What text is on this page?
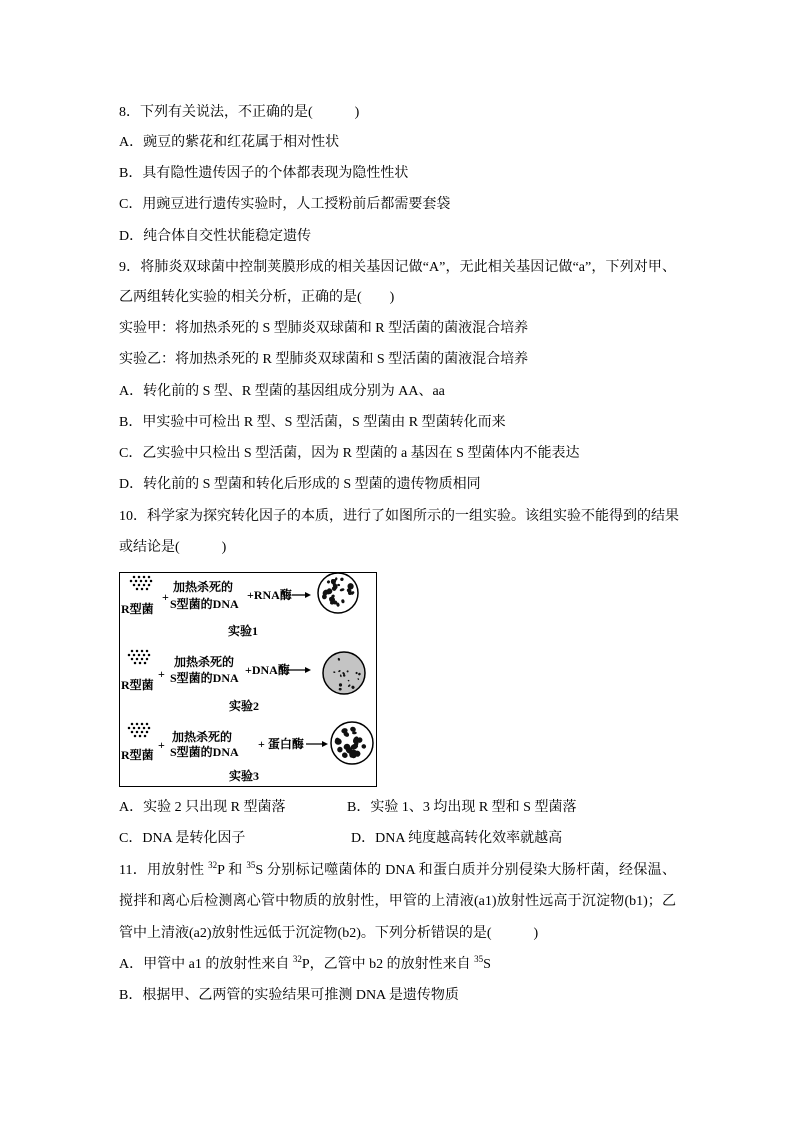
8．下列有关说法，不正确的是(　　　)
A．豌豆的紫花和红花属于相对性状
B．具有隐性遗传因子的个体都表现为隐性性状
C．用豌豆进行遗传实验时，人工授粉前后都需要套袋
D．纯合体自交性状能稳定遗传
9．将肺炎双球菌中控制荚膜形成的相关基因记做“A”，无此相关基因记做“a”，下列对甲、
乙两组转化实验的相关分析，正确的是(　　)
实验甲：将加热杀死的 S 型肺炎双球菌和 R 型活菌的菌液混合培养
实验乙：将加热杀死的 R 型肺炎双球菌和 S 型活菌的菌液混合培养
A．转化前的 S 型、R 型菌的基因组成分别为 AA、aa
B．甲实验中可检出 R 型、S 型活菌，S 型菌由 R 型菌转化而来
C．乙实验中只检出 S 型活菌，因为 R 型菌的 a 基因在 S 型菌体内不能表达
D．转化前的 S 型菌和转化后形成的 S 型菌的遗传物质相同
10．科学家为探究转化因子的本质，进行了如图所示的一组实验。该组实验不能得到的结果
或结论是(　　　)
R型菌
+
加热杀死的
S型菌的DNA
+RNA酶
实验1
R型菌
+
加热杀死的
S型菌的DNA
+DNA酶
实验2
R型菌
+
加热杀死的
S型菌的DNA
+ 蛋白酶
实验3
A．实验 2 只出现 R 型菌落	B．实验 1、3 均出现 R 型和 S 型菌落
C．DNA 是转化因子	D．DNA 纯度越高转化效率就越高
11．用放射性 $^{32}$P 和 $^{35}$S 分别标记噬菌体的 DNA 和蛋白质并分别侵染大肠杆菌，经保温、
搅拌和离心后检测离心管中物质的放射性，甲管的上清液(a1)放射性远高于沉淀物(b1)；乙
管中上清液(a2)放射性远低于沉淀物(b2)。下列分析错误的是(　　　)
A．甲管中 a1 的放射性来自 $^{32}$P，乙管中 b2 的放射性来自 $^{35}$S
B．根据甲、乙两管的实验结果可推测 DNA 是遗传物质
